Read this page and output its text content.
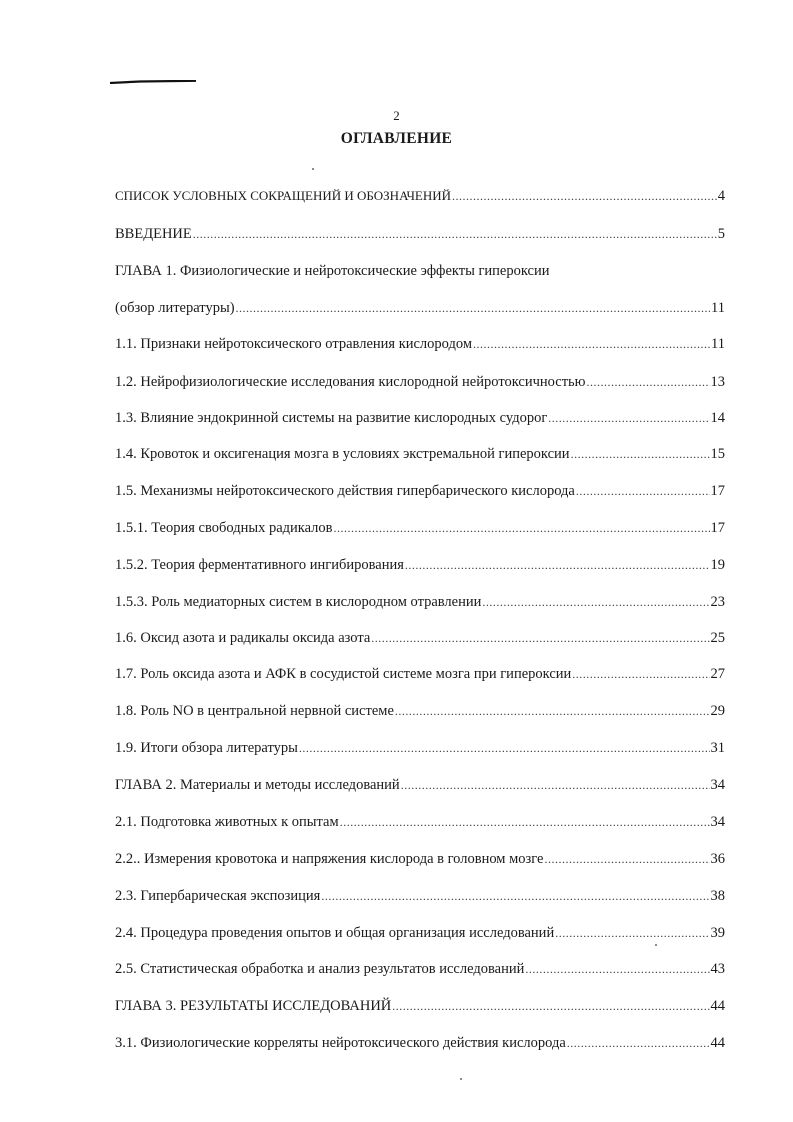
2
ОГЛАВЛЕНИЕ
СПИСОК УСЛОВНЫХ СОКРАЩЕНИЙ И ОБОЗНАЧЕНИЙ .....	4
ВВЕДЕНИЕ .....	5
ГЛАВА 1. Физиологические и нейротоксические эффекты гипероксии
(обзор литературы) .....	11
1.1. Признаки нейротоксического отравления кислородом .....	11
1.2. Нейрофизиологические исследования кислородной нейротоксичностью .....	13
1.3. Влияние эндокринной системы на развитие кислородных судорог .....	14
1.4. Кровоток и оксигенация мозга в условиях экстремальной гипероксии .....	15
1.5. Механизмы нейротоксического действия гипербарического кислорода .....	17
1.5.1. Теория свободных радикалов .....	17
1.5.2. Теория ферментативного ингибирования .....	19
1.5.3. Роль медиаторных систем в кислородном отравлении .....	23
1.6. Оксид азота и радикалы оксида азота .....	25
1.7. Роль оксида азота и АФК в сосудистой системе мозга при гипероксии .....	27
1.8. Роль NO в центральной нервной системе .....	29
1.9. Итоги обзора литературы .....	31
ГЛАВА 2. Материалы и методы исследований .....	34
2.1. Подготовка животных к опытам .....	34
2.2.. Измерения кровотока и напряжения кислорода в головном мозге .....	36
2.3. Гипербарическая экспозиция .....	38
2.4. Процедура проведения опытов и общая организация исследований .....	39
2.5. Статистическая обработка и анализ результатов исследований .....	43
ГЛАВА 3. РЕЗУЛЬТАТЫ ИССЛЕДОВАНИЙ .....	44
3.1. Физиологические корреляты нейротоксического действия кислорода .....	44
